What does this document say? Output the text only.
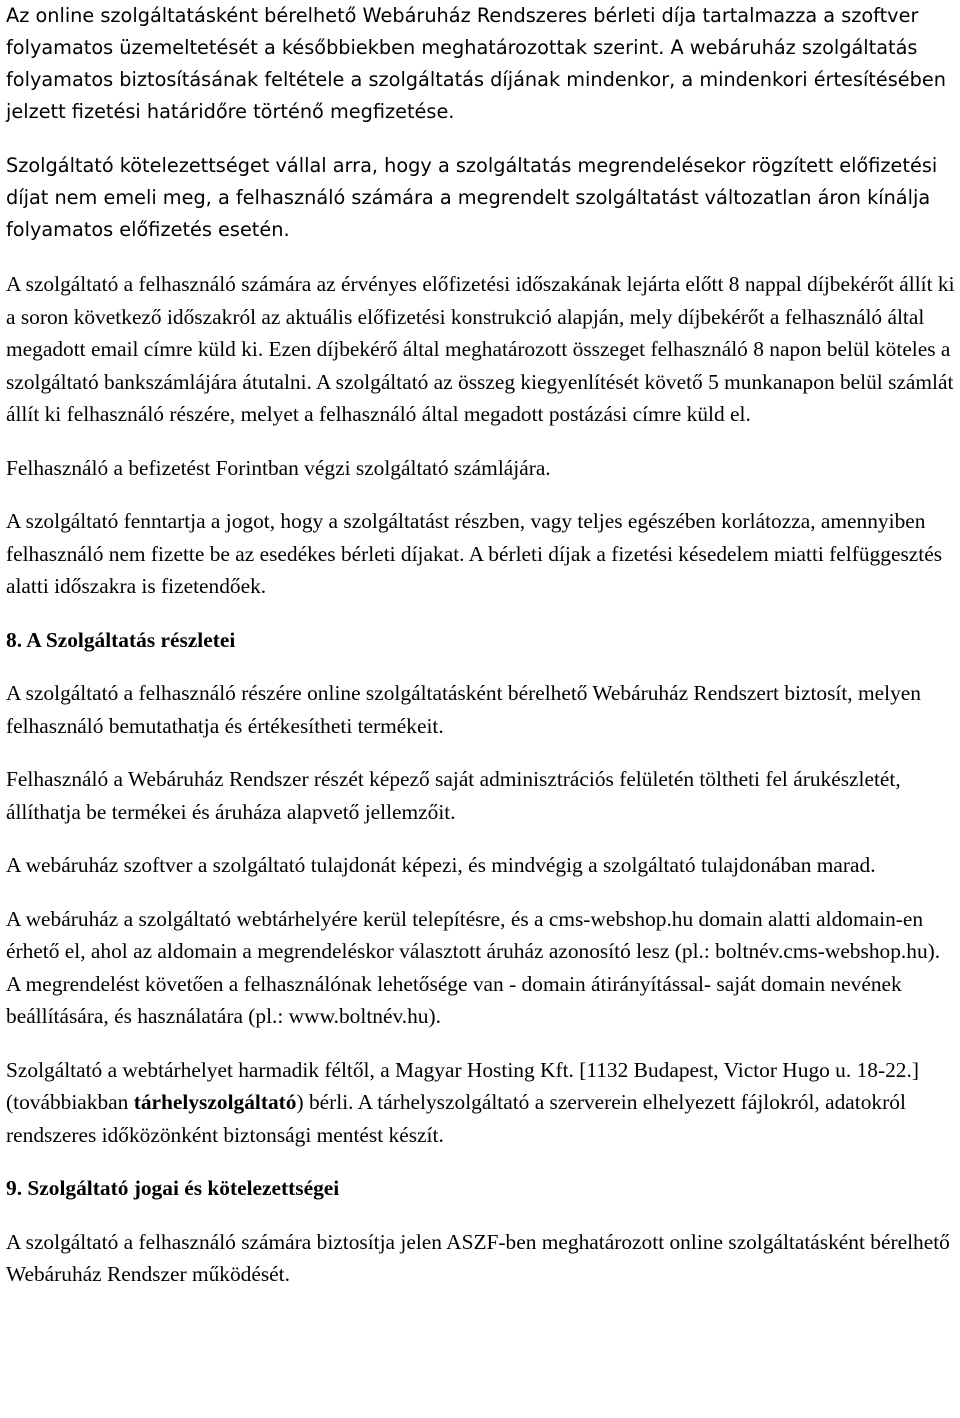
Az online szolgáltatásként bérelhető Webáruház Rendszeres bérleti díja tartalmazza a szoftver folyamatos üzemeltetését a későbbiekben meghatározottak szerint. A webáruház szolgáltatás folyamatos biztosításának feltétele a szolgáltatás díjának mindenkor, a mindenkori értesítésében jelzett fizetési határidőre történő megfizetése.

Szolgáltató kötelezettséget vállal arra, hogy a szolgáltatás megrendelésekor rögzített előfizetési díjat nem emeli meg, a felhasználó számára a megrendelt szolgáltatást változatlan áron kínálja folyamatos előfizetés esetén.

A szolgáltató a felhasználó számára az érvényes előfizetési időszakának lejárta előtt 8 nappal díjbekérőt állít ki a soron következő időszakról az aktuális előfizetési konstrukció alapján, mely díjbekérőt a felhasználó által megadott email címre küld ki. Ezen díjbekérő által meghatározott összeget felhasználó 8 napon belül köteles a szolgáltató bankszámlájára átutalni. A szolgáltató az összeg kiegyenlítését követő 5 munkanapon belül számlát állít ki felhasználó részére, melyet a felhasználó által megadott postázási címre küld el.

Felhasználó a befizetést Forintban végzi szolgáltató számlájára.

A szolgáltató fenntartja a jogot, hogy a szolgáltatást részben, vagy teljes egészében korlátozza, amennyiben felhasználó nem fizette be az esedékes bérleti díjakat. A bérleti díjak a fizetési késedelem miatti felfüggesztés alatti időszakra is fizetendőek.

8. A Szolgáltatás részletei

A szolgáltató a felhasználó részére online szolgáltatásként bérelhető Webáruház Rendszert biztosít, melyen felhasználó bemutathatja és értékesítheti termékeit.

Felhasználó a Webáruház Rendszer részét képező saját adminisztrációs felületén töltheti fel árukészletét, állíthatja be termékei és áruháza alapvető jellemzőit.

A webáruház szoftver a szolgáltató tulajdonát képezi, és mindvégig a szolgáltató tulajdonában marad.

A webáruház a szolgáltató webtárhelyére kerül telepítésre, és a cms-webshop.hu domain alatti aldomain-en érhető el, ahol az aldomain a megrendeléskor választott áruház azonosító lesz (pl.: boltnév.cms-webshop.hu). A megrendelést követően a felhasználónak lehetősége van - domain átirányítással- saját domain nevének beállítására, és használatára (pl.: www.boltnév.hu).

Szolgáltató a webtárhelyet harmadik féltől, a Magyar Hosting Kft. [1132 Budapest, Victor Hugo u. 18-22.] (továbbiakban tárhelyszolgáltató) bérli. A tárhelyszolgáltató a szerverein elhelyezett fájlokról, adatokról rendszeres időközönként biztonsági mentést készít.

9. Szolgáltató jogai és kötelezettségei

A szolgáltató a felhasználó számára biztosítja jelen ASZF-ben meghatározott online szolgáltatásként bérelhető Webáruház Rendszer működését.
